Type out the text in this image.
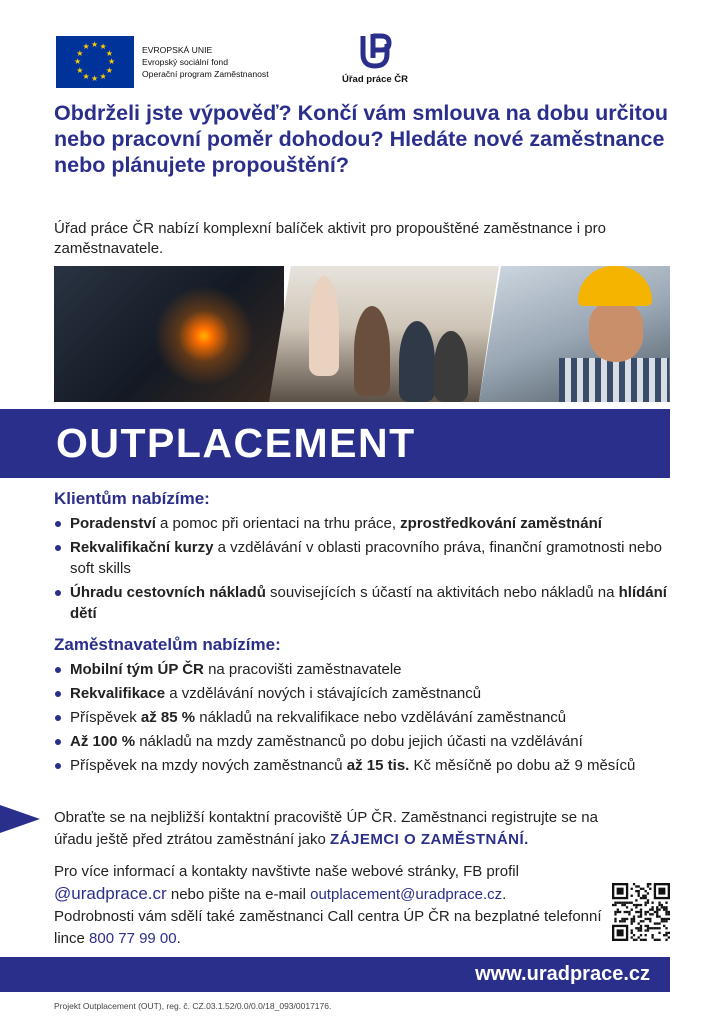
★ ★
★
★
★
★
★
★
★
★
★
★	EVROPSKÁ UNIE
Evropský sociální fond
Operační program Zaměstnanost	Úřad práce ČR
Obdrželi jste výpověď? Končí vám smlouva na dobu určitou nebo pracovní poměr dohodou? Hledáte nové zaměstnance nebo plánujete propouštění?
Úřad práce ČR nabízí komplexní balíček aktivit pro propouštěné zaměstnance i pro zaměstnavatele.
OUTPLACEMENT
Klientům nabízíme:
Poradenství a pomoc při orientaci na trhu práce, zprostředkování zaměstnání
Rekvalifikační kurzy a vzdělávání v oblasti pracovního práva, finanční gramotnosti nebo soft skills
Úhradu cestovních nákladů souvisejících s účastí na aktivitách nebo nákladů na hlídání dětí
Zaměstnavatelům nabízíme:
Mobilní tým ÚP ČR na pracovišti zaměstnavatele
Rekvalifikace a vzdělávání nových i stávajících zaměstnanců
Příspěvek až 85 % nákladů na rekvalifikace nebo vzdělávání zaměstnanců
Až 100 % nákladů na mzdy zaměstnanců po dobu jejich účasti na vzdělávání
Příspěvek na mzdy nových zaměstnanců až 15 tis. Kč měsíčně po dobu až 9 měsíců
Obraťte se na nejbližší kontaktní pracoviště ÚP ČR. Zaměstnanci registrujte se na úřadu ještě před ztrátou zaměstnání jako ZÁJEMCI O ZAMĚSTNÁNÍ.
Pro více informací a kontakty navštivte naše webové stránky, FB profil
@uradprace.cr nebo pište na e-mail outplacement@uradprace.cz.
Podrobnosti vám sdělí také zaměstnanci Call centra ÚP ČR na bezplatné telefonní lince 800 77 99 00.
www.uradprace.cz
Projekt Outplacement (OUT), reg. č. CZ.03.1.52/0.0/0.0/18_093/0017176.
